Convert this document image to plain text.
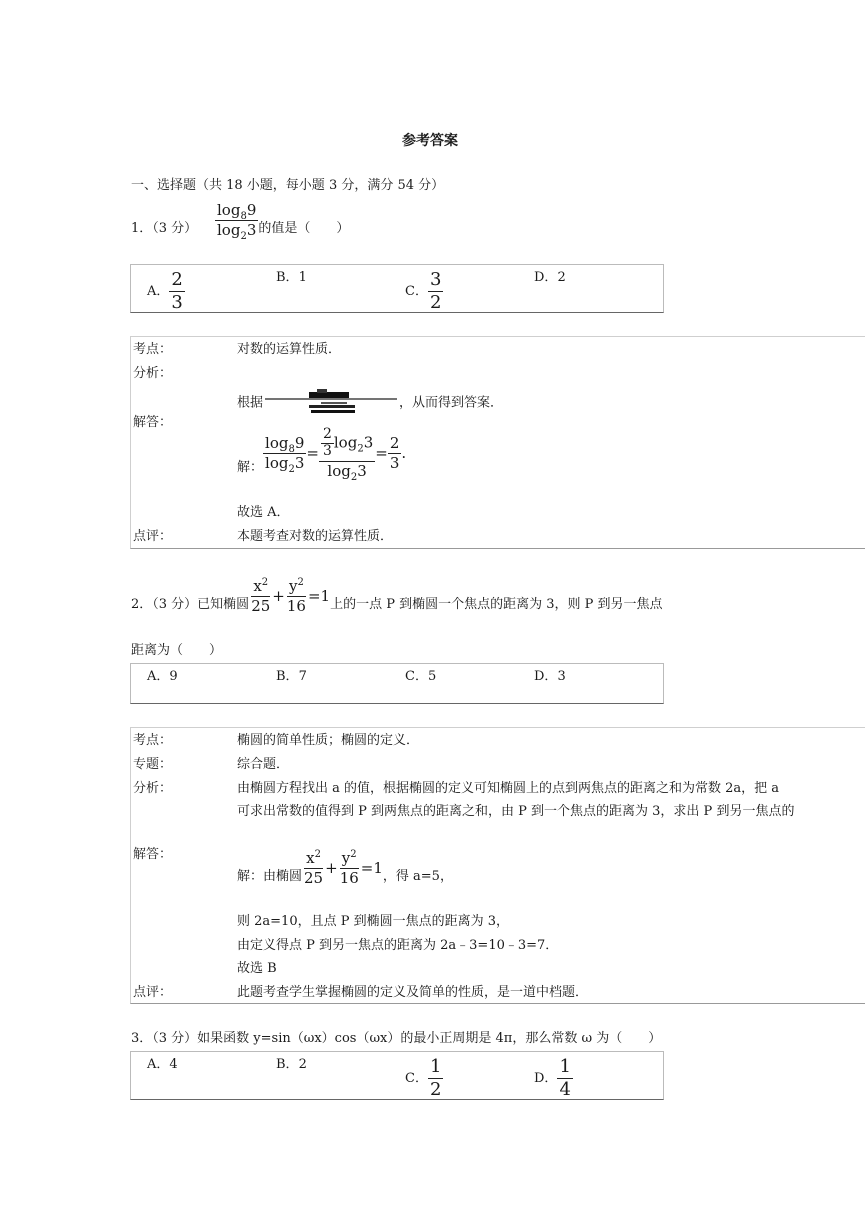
参考答案
一、选择题（共 18 小题，每小题 3 分，满分 54 分）
1．（3 分） $\frac{\log_89}{\log_23}$ 的值是（　　）
A． $\frac{2}{3}$	B．1
C． $\frac{3}{2}$	D．2
考点：	对数的运算性质．
分析：
根据	，从而得到答案．
解答：
解： $\frac{\log_89}{\log_23} = \frac{\frac{2}{3} \log_23}{\log_23} = \frac{2}{3}$ .
故选 A．
点评：	本题考查对数的运算性质．
2．（3 分）已知椭圆 $\frac{x^2}{25} + \frac{y^2}{16} =1$上的一点 P 到椭圆一个焦点的距离为 3，则 P 到另一焦点
距离为（　　）
A．9	B．7	C．5	D．3
考点：	椭圆的简单性质；椭圆的定义．
专题：	综合题．
分析：	由椭圆方程找出 a 的值，根据椭圆的定义可知椭圆上的点到两焦点的距离之和为常数 2a，把 a
可求出常数的值得到 P 到两焦点的距离之和，由 P 到一个焦点的距离为 3，求出 P 到另一焦点的
解答：
解：由椭圆 $\frac{x^2}{25} + \frac{y^2}{16} =1$，得 a=5，
则 2a=10，且点 P 到椭圆一焦点的距离为 3，
由定义得点 P 到另一焦点的距离为 2a﹣3=10﹣3=7．
故选 B
点评：	此题考查学生掌握椭圆的定义及简单的性质，是一道中档题．
3．（3 分）如果函数 y=sin（ωx）cos（ωx）的最小正周期是 4π，那么常数 ω 为（　　）
A．4	B．2
C． $\frac{1}{2}$	D． $\frac{1}{4}$
